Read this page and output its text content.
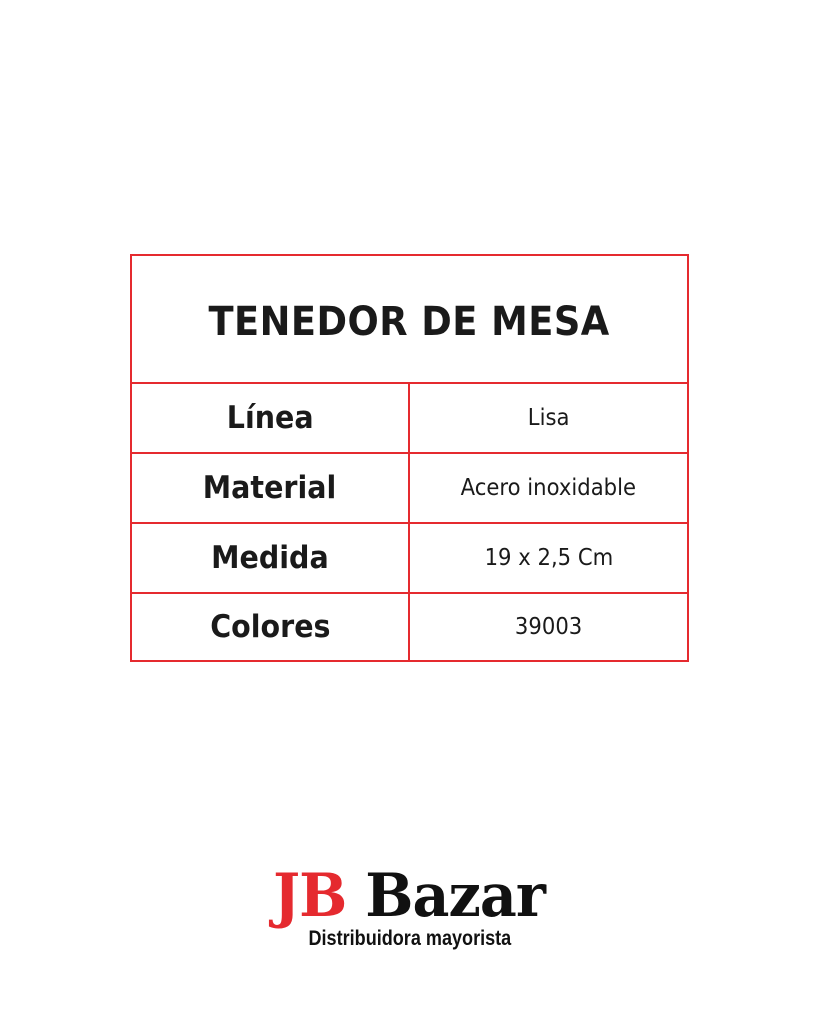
TENEDOR DE MESA
Línea	Lisa
Material	Acero inoxidable
Medida	19 x 2,5 Cm
Colores	39003
JB Bazar
Distribuidora mayorista
